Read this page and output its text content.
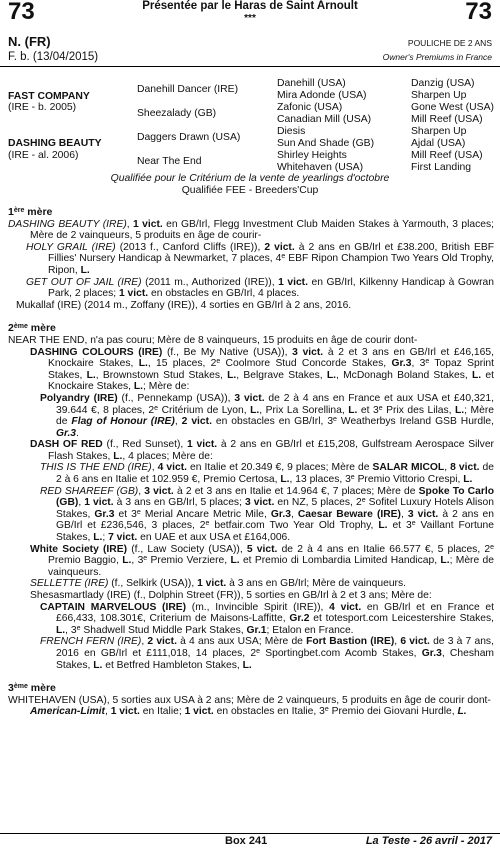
73	73
Présentée par le Haras de Saint Arnoult
***
N. (FR)
F. b. (13/04/2015)
POULICHE DE 2 ANS
Owner's Premiums in France
FAST COMPANY
(IRE - b. 2005)
DASHING BEAUTY
(IRE - al. 2006)
Danehill Dancer (IRE)
Sheezalady (GB)
Daggers Drawn (USA)
Near The End
Danehill (USA)
Mira Adonde (USA)
Zafonic (USA)
Canadian Mill (USA)
Diesis
Sun And Shade (GB)
Shirley Heights
Whitehaven (USA)
Danzig (USA)
Sharpen Up
Gone West (USA)
Mill Reef (USA)
Sharpen Up
Ajdal (USA)
Mill Reef (USA)
First Landing
Qualifiée pour le Critérium de la vente de yearlings d'octobre
Qualifiée FEE - Breeders'Cup

1ère mère

DASHING BEAUTY (IRE), 1 vict. en GB/Irl, Flegg Investment Club Maiden Stakes à Yarmouth, 3 places; Mère de 2 vainqueurs, 5 produits en âge de courir-

HOLY GRAIL (IRE) (2013 f., Canford Cliffs (IRE)), 2 vict. à 2 ans en GB/Irl et £38.200, British EBF Fillies' Nursery Handicap à Newmarket, 7 places, 4e EBF Ripon Champion Two Years Old Trophy, Ripon, L.

GET OUT OF JAIL (IRE) (2011 m., Authorized (IRE)), 1 vict. en GB/Irl, Kilkenny Handicap à Gowran Park, 2 places; 1 vict. en obstacles en GB/Irl, 4 places.

Mukallaf (IRE) (2014 m., Zoffany (IRE)), 4 sorties en GB/Irl à 2 ans, 2016.

2ème mère

NEAR THE END, n'a pas couru; Mère de 8 vainqueurs, 15 produits en âge de courir dont-

DASHING COLOURS (IRE) (f., Be My Native (USA)), 3 vict. à 2 et 3 ans en GB/Irl et £46,165, Knockaire Stakes, L., 15 places, 2e Coolmore Stud Concorde Stakes, Gr.3, 3e Topaz Sprint Stakes, L., Brownstown Stud Stakes, L., Belgrave Stakes, L., McDonagh Boland Stakes, L. et Knockaire Stakes, L.; Mère de:

Polyandry (IRE) (f., Pennekamp (USA)), 3 vict. de 2 à 4 ans en France et aux USA et £40,321, 39.644 €, 8 places, 2e Critérium de Lyon, L., Prix La Sorellina, L. et 3e Prix des Lilas, L.; Mère de Flag of Honour (IRE), 2 vict. en obstacles en GB/Irl, 3e Weatherbys Ireland GSB Hurdle, Gr.3.

DASH OF RED (f., Red Sunset), 1 vict. à 2 ans en GB/Irl et £15,208, Gulfstream Aerospace Silver Flash Stakes, L., 4 places; Mère de:

THIS IS THE END (IRE), 4 vict. en Italie et 20.349 €, 9 places; Mère de SALAR MICOL, 8 vict. de 2 à 6 ans en Italie et 102.959 €, Premio Certosa, L., 13 places, 3e Premio Vittorio Crespi, L.

RED SHAREEF (GB), 3 vict. à 2 et 3 ans en Italie et 14.964 €, 7 places; Mère de Spoke To Carlo (GB), 1 vict. à 3 ans en GB/Irl, 5 places; 3 vict. en NZ, 5 places, 2e Sofitel Luxury Hotels Alison Stakes, Gr.3 et 3e Merial Ancare Metric Mile, Gr.3, Caesar Beware (IRE), 3 vict. à 2 ans en GB/Irl et £236,546, 3 places, 2e betfair.com Two Year Old Trophy, L. et 3e Vaillant Fortune Stakes, L.; 7 vict. en UAE et aux USA et £164,006.

White Society (IRE) (f., Law Society (USA)), 5 vict. de 2 à 4 ans en Italie 66.577 €, 5 places, 2e Premio Baggio, L., 3e Premio Verziere, L. et Premio di Lombardia Limited Handicap, L.; Mère de vainqueurs.

SELLETTE (IRE) (f., Selkirk (USA)), 1 vict. à 3 ans en GB/Irl; Mère de vainqueurs.

Shesasmartlady (IRE) (f., Dolphin Street (FR)), 5 sorties en GB/Irl à 2 et 3 ans; Mère de:

CAPTAIN MARVELOUS (IRE) (m., Invincible Spirit (IRE)), 4 vict. en GB/Irl et en France et £66,433, 108.301€, Criterium de Maisons-Laffitte, Gr.2 et totesport.com Leicestershire Stakes, L., 3e Shadwell Stud Middle Park Stakes, Gr.1; Etalon en France.

FRENCH FERN (IRE), 2 vict. à 4 ans aux USA; Mère de Fort Bastion (IRE), 6 vict. de 3 à 7 ans, 2016 en GB/Irl et £111,018, 14 places, 2e Sportingbet.com Acomb Stakes, Gr.3, Chesham Stakes, L. et Betfred Hambleton Stakes, L.

3ème mère

WHITEHAVEN (USA), 5 sorties aux USA à 2 ans; Mère de 2 vainqueurs, 5 produits en âge de courir dont-

American-Limit, 1 vict. en Italie; 1 vict. en obstacles en Italie, 3e Premio dei Giovani Hurdle, L.

Box 241	La Teste - 26 avril - 2017
